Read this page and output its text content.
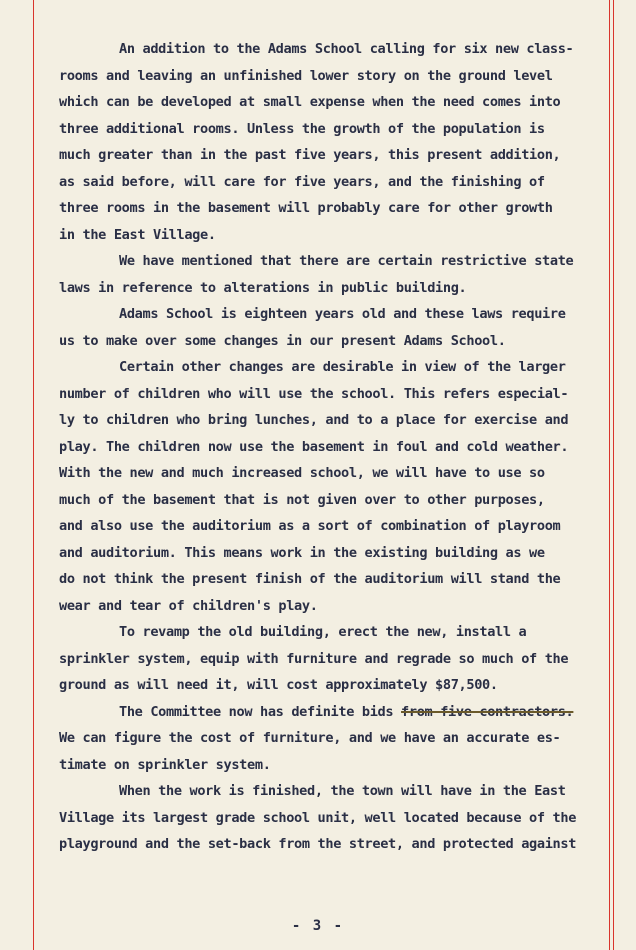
An addition to the Adams School calling for six new class-

rooms and leaving an unfinished lower story on the ground level

which can be developed at small expense when the need comes into

three additional rooms. Unless the growth of the population is

much greater than in the past five years, this present addition,

as said before, will care for five years, and the finishing of

three rooms in the basement will probably care for other growth

in the East Village.

We have mentioned that there are certain restrictive state

laws in reference to alterations in public building.

Adams School is eighteen years old and these laws require

us to make over some changes in our present Adams School.

Certain other changes are desirable in view of the larger

number of children who will use the school. This refers especial-

ly to children who bring lunches, and to a place for exercise and

play. The children now use the basement in foul and cold weather.

With the new and much increased school, we will have to use so

much of the basement that is not given over to other purposes,

and also use the auditorium as a sort of combination of playroom

and auditorium. This means work in the existing building as we

do not think the present finish of the auditorium will stand the

wear and tear of children's play.

To revamp the old building, erect the new, install a

sprinkler system, equip with furniture and regrade so much of the

ground as will need it, will cost approximately $87,500.

The Committee now has definite bids from five contractors.

We can figure the cost of furniture, and we have an accurate es-

timate on sprinkler system.

When the work is finished, the town will have in the East

Village its largest grade school unit, well located because of the

playground and the set-back from the street, and protected against

- 3 -
